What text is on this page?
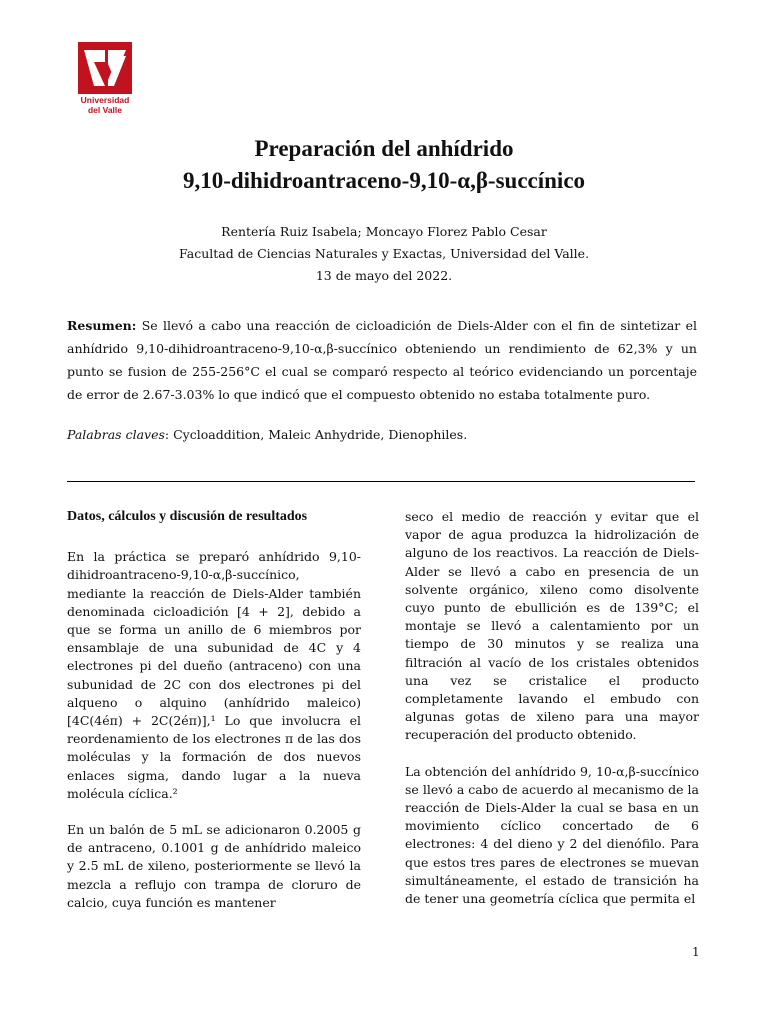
Universidad
del Valle
Preparación del anhídrido
9,10-dihidroantraceno-9,10-α,β-succínico
Rentería Ruiz Isabela; Moncayo Florez Pablo Cesar
Facultad de Ciencias Naturales y Exactas, Universidad del Valle.
13 de mayo del 2022.
Resumen: Se llevó a cabo una reacción de cicloadición de Diels-Alder con el fin de sintetizar el anhídrido 9,10-dihidroantraceno-9,10-α,β-succínico obteniendo un rendimiento de 62,3% y un punto se fusion de 255-256°C el cual se comparó respecto al teórico evidenciando un porcentaje de error de 2.67-3.03% lo que indicó que el compuesto obtenido no estaba totalmente puro.
Palabras claves: Cycloaddition, Maleic Anhydride, Dienophiles.

Datos, cálculos y discusión de resultados

En la práctica se preparó anhídrido 9,10-dihidroantraceno-9,10-α,β-succínico, mediante la reacción de Diels-Alder también denominada cicloadición [4 + 2], debido a que se forma un anillo de 6 miembros por ensamblaje de una subunidad de 4C y 4 electrones pi del dueño (antraceno) con una subunidad de 2C con dos electrones pi del alqueno o alquino (anhídrido maleico) [4C(4éπ) + 2C(2éπ)],¹ Lo que involucra el reordenamiento de los electrones π de las dos moléculas y la formación de dos nuevos enlaces sigma, dando lugar a la nueva molécula cíclica.²

En un balón de 5 mL se adicionaron 0.2005 g de antraceno, 0.1001 g de anhídrido maleico y 2.5 mL de xileno, posteriormente se llevó la mezcla a reflujo con trampa de cloruro de calcio, cuya función es mantener

seco el medio de reacción y evitar que el vapor de agua produzca la hidrolización de alguno de los reactivos. La reacción de Diels-Alder se llevó a cabo en presencia de un solvente orgánico, xileno como disolvente cuyo punto de ebullición es de 139°C; el montaje se llevó a calentamiento por un tiempo de 30 minutos y se realiza una filtración al vacío de los cristales obtenidos una vez se cristalice el producto completamente lavando el embudo con algunas gotas de xileno para una mayor recuperación del producto obtenido.

La obtención del anhídrido 9, 10-α,β-succínico se llevó a cabo de acuerdo al mecanismo de la reacción de Diels-Alder la cual se basa en un movimiento cíclico concertado de 6 electrones: 4 del dieno y 2 del dienófilo. Para que estos tres pares de electrones se muevan simultáneamente, el estado de transición ha de tener una geometría cíclica que permita el

1
